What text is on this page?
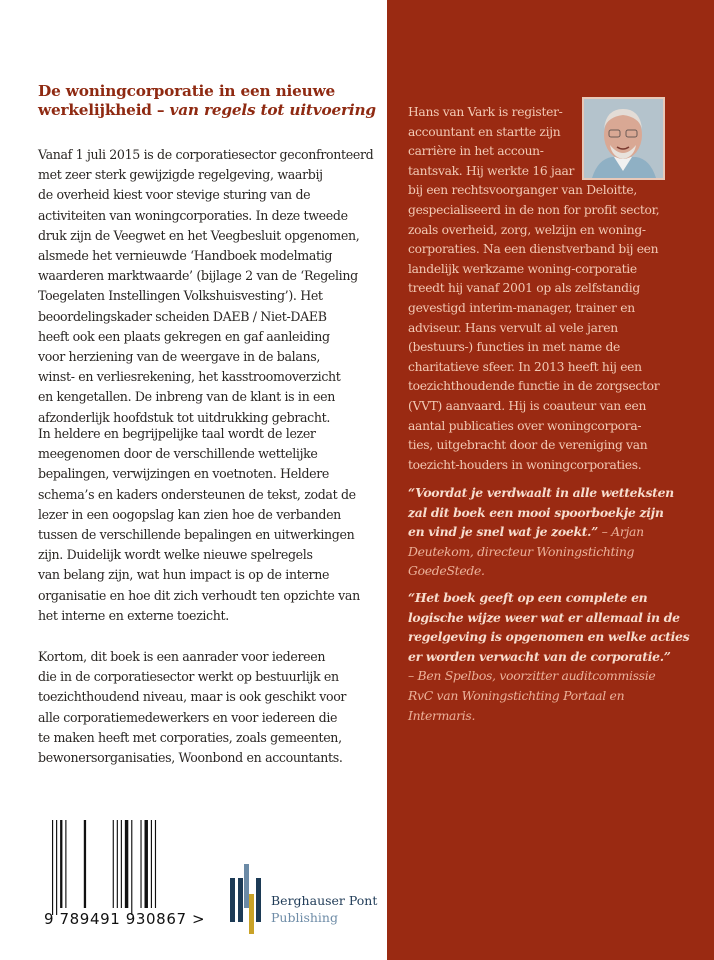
De woningcorporatie in een nieuwe
werkelijkheid – van regels tot uitvoering

Vanaf 1 juli 2015 is de corporatiesector geconfronteerd
met zeer sterk gewijzigde regelgeving, waarbij
de overheid kiest voor stevige sturing van de
activiteiten van woningcorporaties. In deze tweede
druk zijn de Veegwet en het Veegbesluit opgenomen,
alsmede het vernieuwde ‘Handboek modelmatig
waarderen marktwaarde’ (bijlage 2 van de ‘Regeling
Toegelaten Instellingen Volkshuisvesting’). Het
beoordelingskader scheiden DAEB / Niet-DAEB
heeft ook een plaats gekregen en gaf aanleiding
voor herziening van de weergave in de balans,
winst- en verliesrekening, het kasstroomoverzicht
en kengetallen. De inbreng van de klant is in een
afzonderlijk hoofdstuk tot uitdrukking gebracht.

In heldere en begrijpelijke taal wordt de lezer
meegenomen door de verschillende wettelijke
bepalingen, verwijzingen en voetnoten. Heldere
schema’s en kaders ondersteunen de tekst, zodat de
lezer in een oogopslag kan zien hoe de verbanden
tussen de verschillende bepalingen en uitwerkingen
zijn. Duidelijk wordt welke nieuwe spelregels
van belang zijn, wat hun impact is op de interne
organisatie en hoe dit zich verhoudt ten opzichte van
het interne en externe toezicht.

Kortom, dit boek is een aanrader voor iedereen
die in de corporatiesector werkt op bestuurlijk en
toezichthoudend niveau, maar is ook geschikt voor
alle corporatiemedewerkers en voor iedereen die
te maken heeft met corporaties, zoals gemeenten,
bewonersorganisaties, Woonbond en accountants.

9 789491 930867 >
Berghauser Pont
Publishing

Hans van Vark is register-
accountant en startte zijn
carrière in het accoun-
tantsvak. Hij werkte 16 jaar
bij een rechtsvoorganger van Deloitte,
gespecialiseerd in de non for profit sector,
zoals overheid, zorg, welzijn en woning-
corporaties. Na een dienstverband bij een
landelijk werkzame woning-corporatie
treedt hij vanaf 2001 op als zelfstandig
gevestigd interim-manager, trainer en
adviseur. Hans vervult al vele jaren
(bestuurs-) functies in met name de
charitatieve sfeer. In 2013 heeft hij een
toezichthoudende functie in de zorgsector
(VVT) aanvaard. Hij is coauteur van een
aantal publicaties over woningcorpora-
ties, uitgebracht door de vereniging van
toezicht-houders in woningcorporaties.

“Voordat je verdwaalt in alle wetteksten
zal dit boek een mooi spoorboekje zijn
en vind je snel wat je zoekt.” – Arjan
Deutekom, directeur Woningstichting
GoedeStede.

“Het boek geeft op een complete en
logische wijze weer wat er allemaal in de
regelgeving is opgenomen en welke acties
er worden verwacht van de corporatie.”
– Ben Spelbos, voorzitter auditcommissie
RvC van Woningstichting Portaal en
Intermaris.
